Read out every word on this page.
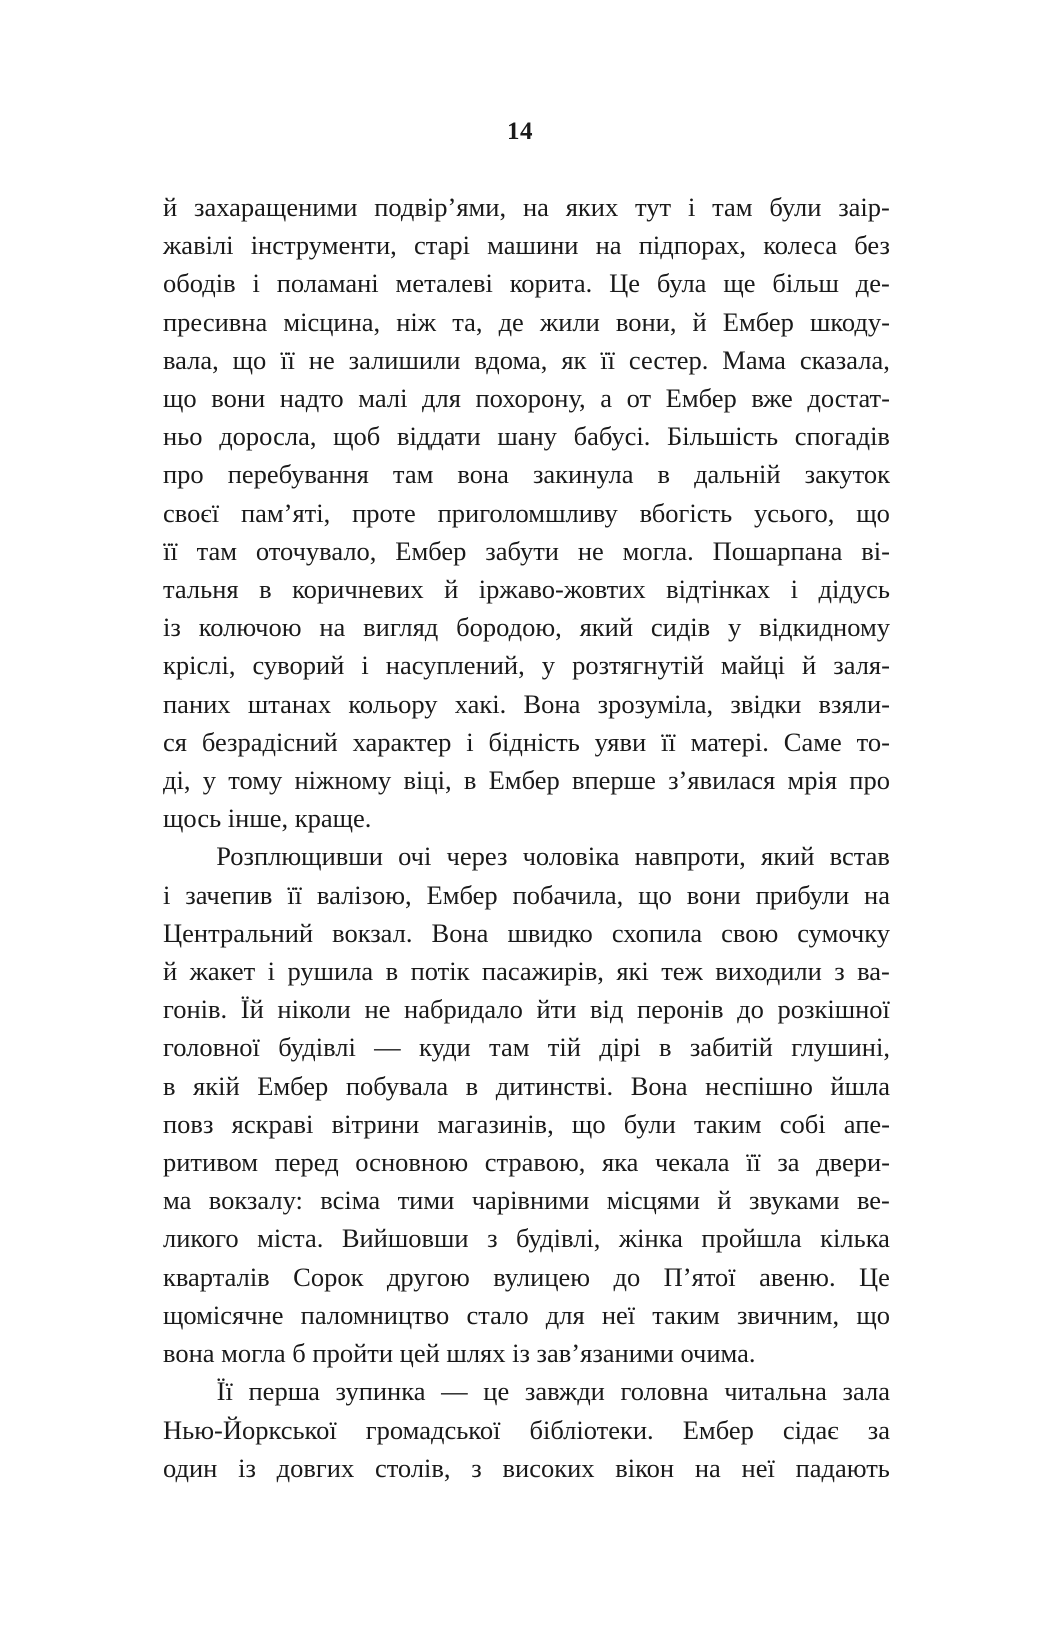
14
й захаращеними подвір’ями, на яких тут і там були заір-
жавілі інструменти, старі машини на підпорах, колеса без
ободів і поламані металеві корита. Це була ще більш де-
пресивна місцина, ніж та, де жили вони, й Ембер шкоду-
вала, що її не залишили вдома, як її сестер. Мама сказала,
що вони надто малі для похорону, а от Ембер вже достат-
ньо доросла, щоб віддати шану бабусі. Більшість спогадів
про перебування там вона закинула в дальній закуток
своєї пам’яті, проте приголомшливу вбогість усього, що
її там оточувало, Ембер забути не могла. Пошарпана ві-
тальня в коричневих й іржаво-жовтих відтінках і дідусь
із колючою на вигляд бородою, який сидів у відкидному
кріслі, суворий і насуплений, у розтягнутій майці й заля-
паних штанах кольору хакі. Вона зрозуміла, звідки взяли-
ся безрадісний характер і бідність уяви її матері. Саме то-
ді, у тому ніжному віці, в Ембер вперше з’явилася мрія про
щось інше, краще.
Розплющивши очі через чоловіка навпроти, який встав
і зачепив її валізою, Ембер побачила, що вони прибули на
Центральний вокзал. Вона швидко схопила свою сумочку
й жакет і рушила в потік пасажирів, які теж виходили з ва-
гонів. Їй ніколи не набридало йти від перонів до розкішної
головної будівлі — куди там тій дірі в забитій глушині,
в якій Ембер побувала в дитинстві. Вона неспішно йшла
повз яскраві вітрини магазинів, що були таким собі апе-
ритивом перед основною стравою, яка чекала її за двери-
ма вокзалу: всіма тими чарівними місцями й звуками ве-
ликого міста. Вийшовши з будівлі, жінка пройшла кілька
кварталів Сорок другою вулицею до П’ятої авеню. Це
щомісячне паломництво стало для неї таким звичним, що
вона могла б пройти цей шлях із зав’язаними очима.
Її перша зупинка — це завжди головна читальна зала
Нью-Йоркської громадської бібліотеки. Ембер сідає за
один із довгих столів, з високих вікон на неї падають
